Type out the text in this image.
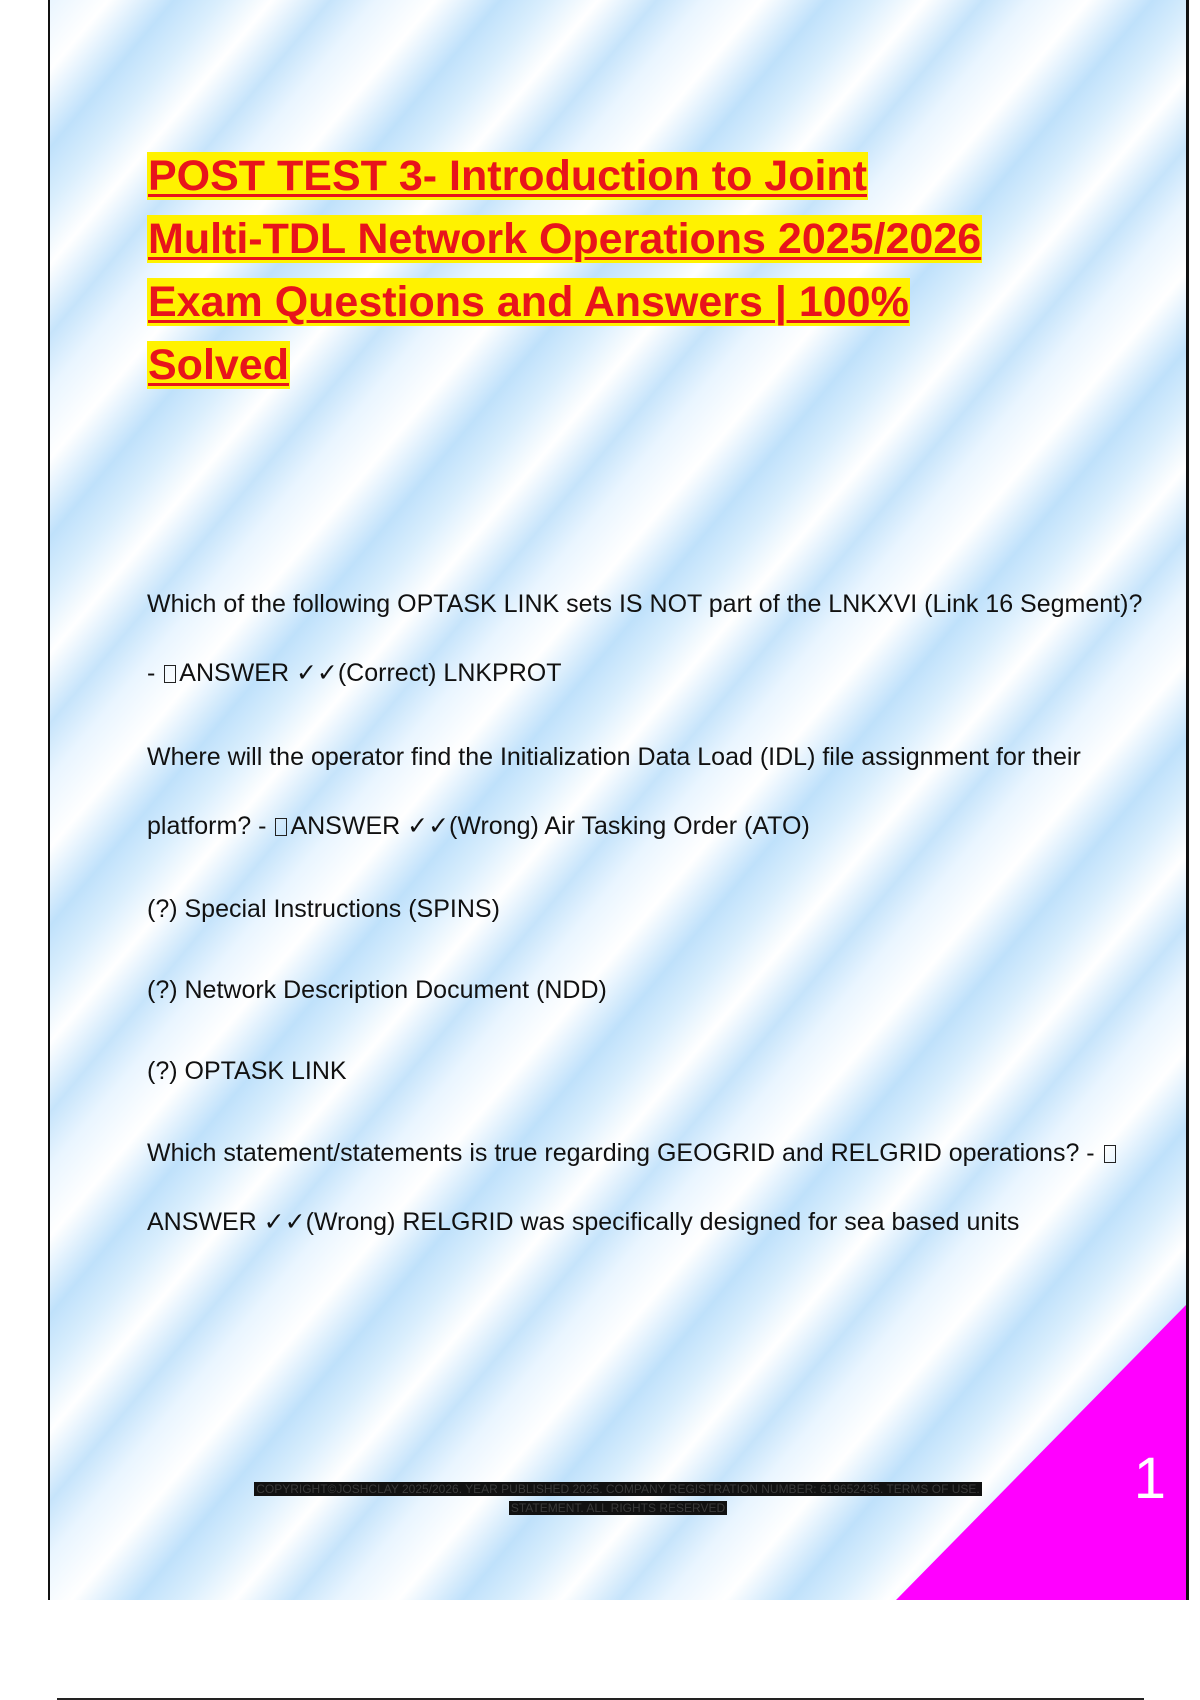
POST TEST 3- Introduction to Joint
Multi-TDL Network Operations 2025/2026
Exam Questions and Answers | 100%
Solved

Which of the following OPTASK LINK sets IS NOT part of the LNKXVI (Link 16 Segment)? - ANSWER ✓✓(Correct) LNKPROT

Where will the operator find the Initialization Data Load (IDL) file assignment for their platform? - ANSWER ✓✓(Wrong) Air Tasking Order (ATO)

(?) Special Instructions (SPINS)

(?) Network Description Document (NDD)

(?) OPTASK LINK

Which statement/statements is true regarding GEOGRID and RELGRID operations? - ANSWER ✓✓(Wrong) RELGRID was specifically designed for sea based units

COPYRIGHT©JOSHCLAY 2025/2026. YEAR PUBLISHED 2025. COMPANY REGISTRATION NUMBER: 619652435. TERMS OF USE.
STATEMENT. ALL RIGHTS RESERVED	1
